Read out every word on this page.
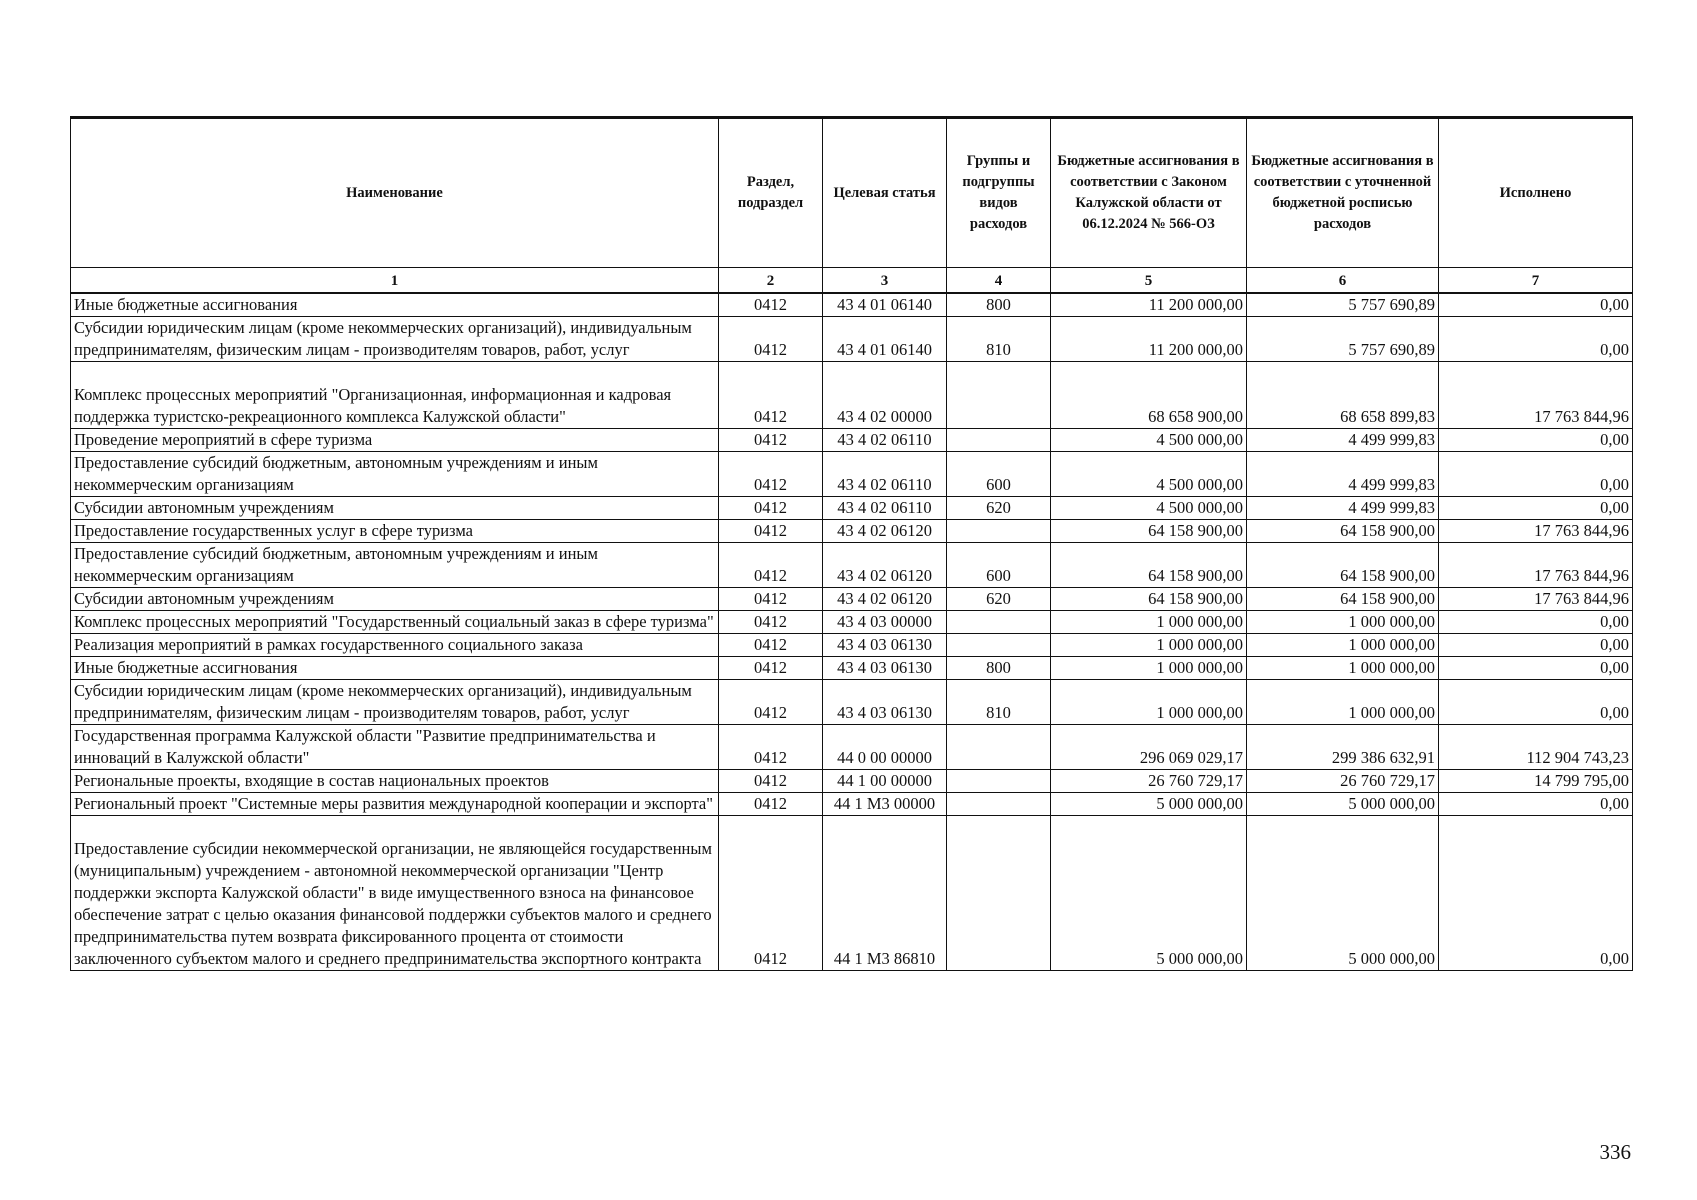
Наименование	Раздел, подраздел	Целевая статья	Группы и подгруппы видов расходов	Бюджетные ассигнования в соответствии с Законом Калужской области от 06.12.2024 № 566-ОЗ	Бюджетные ассигнования в соответствии с уточненной бюджетной росписью расходов	Исполнено
1	2	3	4	5	6	7
Иные бюджетные ассигнования	0412	43 4 01 06140	800	11 200 000,00	5 757 690,89	0,00
Субсидии юридическим лицам (кроме некоммерческих организаций), индивидуальным предпринимателям, физическим лицам - производителям товаров, работ, услуг	0412	43 4 01 06140	810	11 200 000,00	5 757 690,89	0,00
Комплекс процессных мероприятий "Организационная, информационная и кадровая поддержка туристско-рекреационного комплекса Калужской области"	0412	43 4 02 00000		68 658 900,00	68 658 899,83	17 763 844,96
Проведение мероприятий в сфере туризма	0412	43 4 02 06110		4 500 000,00	4 499 999,83	0,00
Предоставление субсидий бюджетным, автономным учреждениям и иным некоммерческим организациям	0412	43 4 02 06110	600	4 500 000,00	4 499 999,83	0,00
Субсидии автономным учреждениям	0412	43 4 02 06110	620	4 500 000,00	4 499 999,83	0,00
Предоставление государственных услуг в сфере туризма	0412	43 4 02 06120		64 158 900,00	64 158 900,00	17 763 844,96
Предоставление субсидий бюджетным, автономным учреждениям и иным некоммерческим организациям	0412	43 4 02 06120	600	64 158 900,00	64 158 900,00	17 763 844,96
Субсидии автономным учреждениям	0412	43 4 02 06120	620	64 158 900,00	64 158 900,00	17 763 844,96
Комплекс процессных мероприятий "Государственный социальный заказ в сфере туризма"	0412	43 4 03 00000		1 000 000,00	1 000 000,00	0,00
Реализация мероприятий в рамках государственного социального заказа	0412	43 4 03 06130		1 000 000,00	1 000 000,00	0,00
Иные бюджетные ассигнования	0412	43 4 03 06130	800	1 000 000,00	1 000 000,00	0,00
Субсидии юридическим лицам (кроме некоммерческих организаций), индивидуальным предпринимателям, физическим лицам - производителям товаров, работ, услуг	0412	43 4 03 06130	810	1 000 000,00	1 000 000,00	0,00
Государственная программа Калужской области "Развитие предпринимательства и инноваций в Калужской области"	0412	44 0 00 00000		296 069 029,17	299 386 632,91	112 904 743,23
Региональные проекты, входящие в состав национальных проектов	0412	44 1 00 00000		26 760 729,17	26 760 729,17	14 799 795,00
Региональный проект "Системные меры развития международной кооперации и экспорта"	0412	44 1 М3 00000		5 000 000,00	5 000 000,00	0,00
Предоставление субсидии некоммерческой организации, не являющейся государственным (муниципальным) учреждением - автономной некоммерческой организации "Центр поддержки экспорта Калужской области" в виде имущественного взноса на финансовое обеспечение затрат с целью оказания финансовой поддержки субъектов малого и среднего предпринимательства путем возврата фиксированного процента от стоимости заключенного субъектом малого и среднего предпринимательства экспортного контракта	0412	44 1 М3 86810		5 000 000,00	5 000 000,00	0,00
336
